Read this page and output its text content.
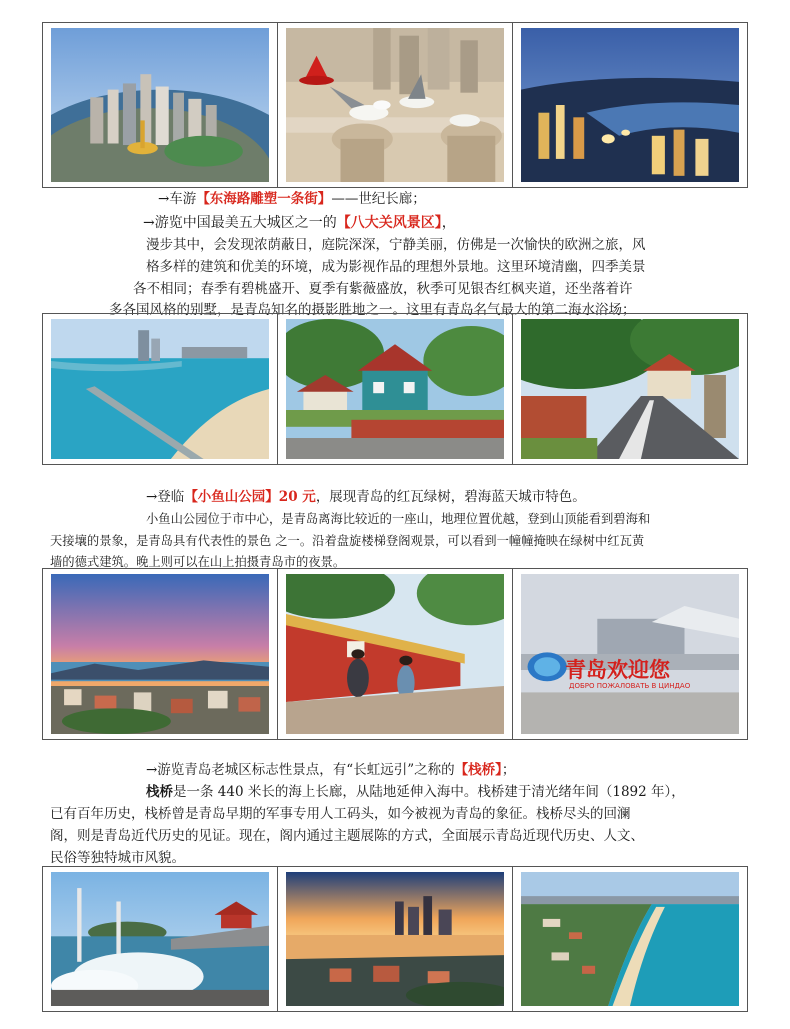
→车游【东海路雕塑一条街】——世纪长廊；
→游览中国最美五大城区之一的【八大关风景区】，
漫步其中，会发现浓荫蔽日，庭院深深，宁静美丽，仿佛是一次愉快的欧洲之旅，风
格多样的建筑和优美的环境，成为影视作品的理想外景地。这里环境清幽，四季美景
各不相同；春季有碧桃盛开、夏季有紫薇盛放，秋季可见银杏红枫夹道，还坐落着许
多各国风格的别墅，是青岛知名的摄影胜地之一。这里有青岛名气最大的第二海水浴场；
→登临【小鱼山公园】20 元，展现青岛的红瓦绿树，碧海蓝天城市特色。
小鱼山公园位于市中心，是青岛离海比较近的一座山，地理位置优越，登到山顶能看到碧海和
天接壤的景象，是青岛具有代表性的景色 之一。沿着盘旋楼梯登阁观景，可以看到一幢幢掩映在绿树中红瓦黄
墙的德式建筑。晚上则可以在山上拍摄青岛市的夜景。
青岛欢迎您
ДОБРО ПОЖАЛОВАТЬ В ЦИНДАО
→游览青岛老城区标志性景点，有“长虹远引”之称的【栈桥】；
栈桥是一条 440 米长的海上长廊，从陆地延伸入海中。栈桥建于清光绪年间（1892 年），
已有百年历史，栈桥曾是青岛早期的军事专用人工码头，如今被视为青岛的象征。栈桥尽头的回澜
阁，则是青岛近代历史的见证。现在，阁内通过主题展陈的方式，全面展示青岛近现代历史、人文、
民俗等独特城市风貌。
